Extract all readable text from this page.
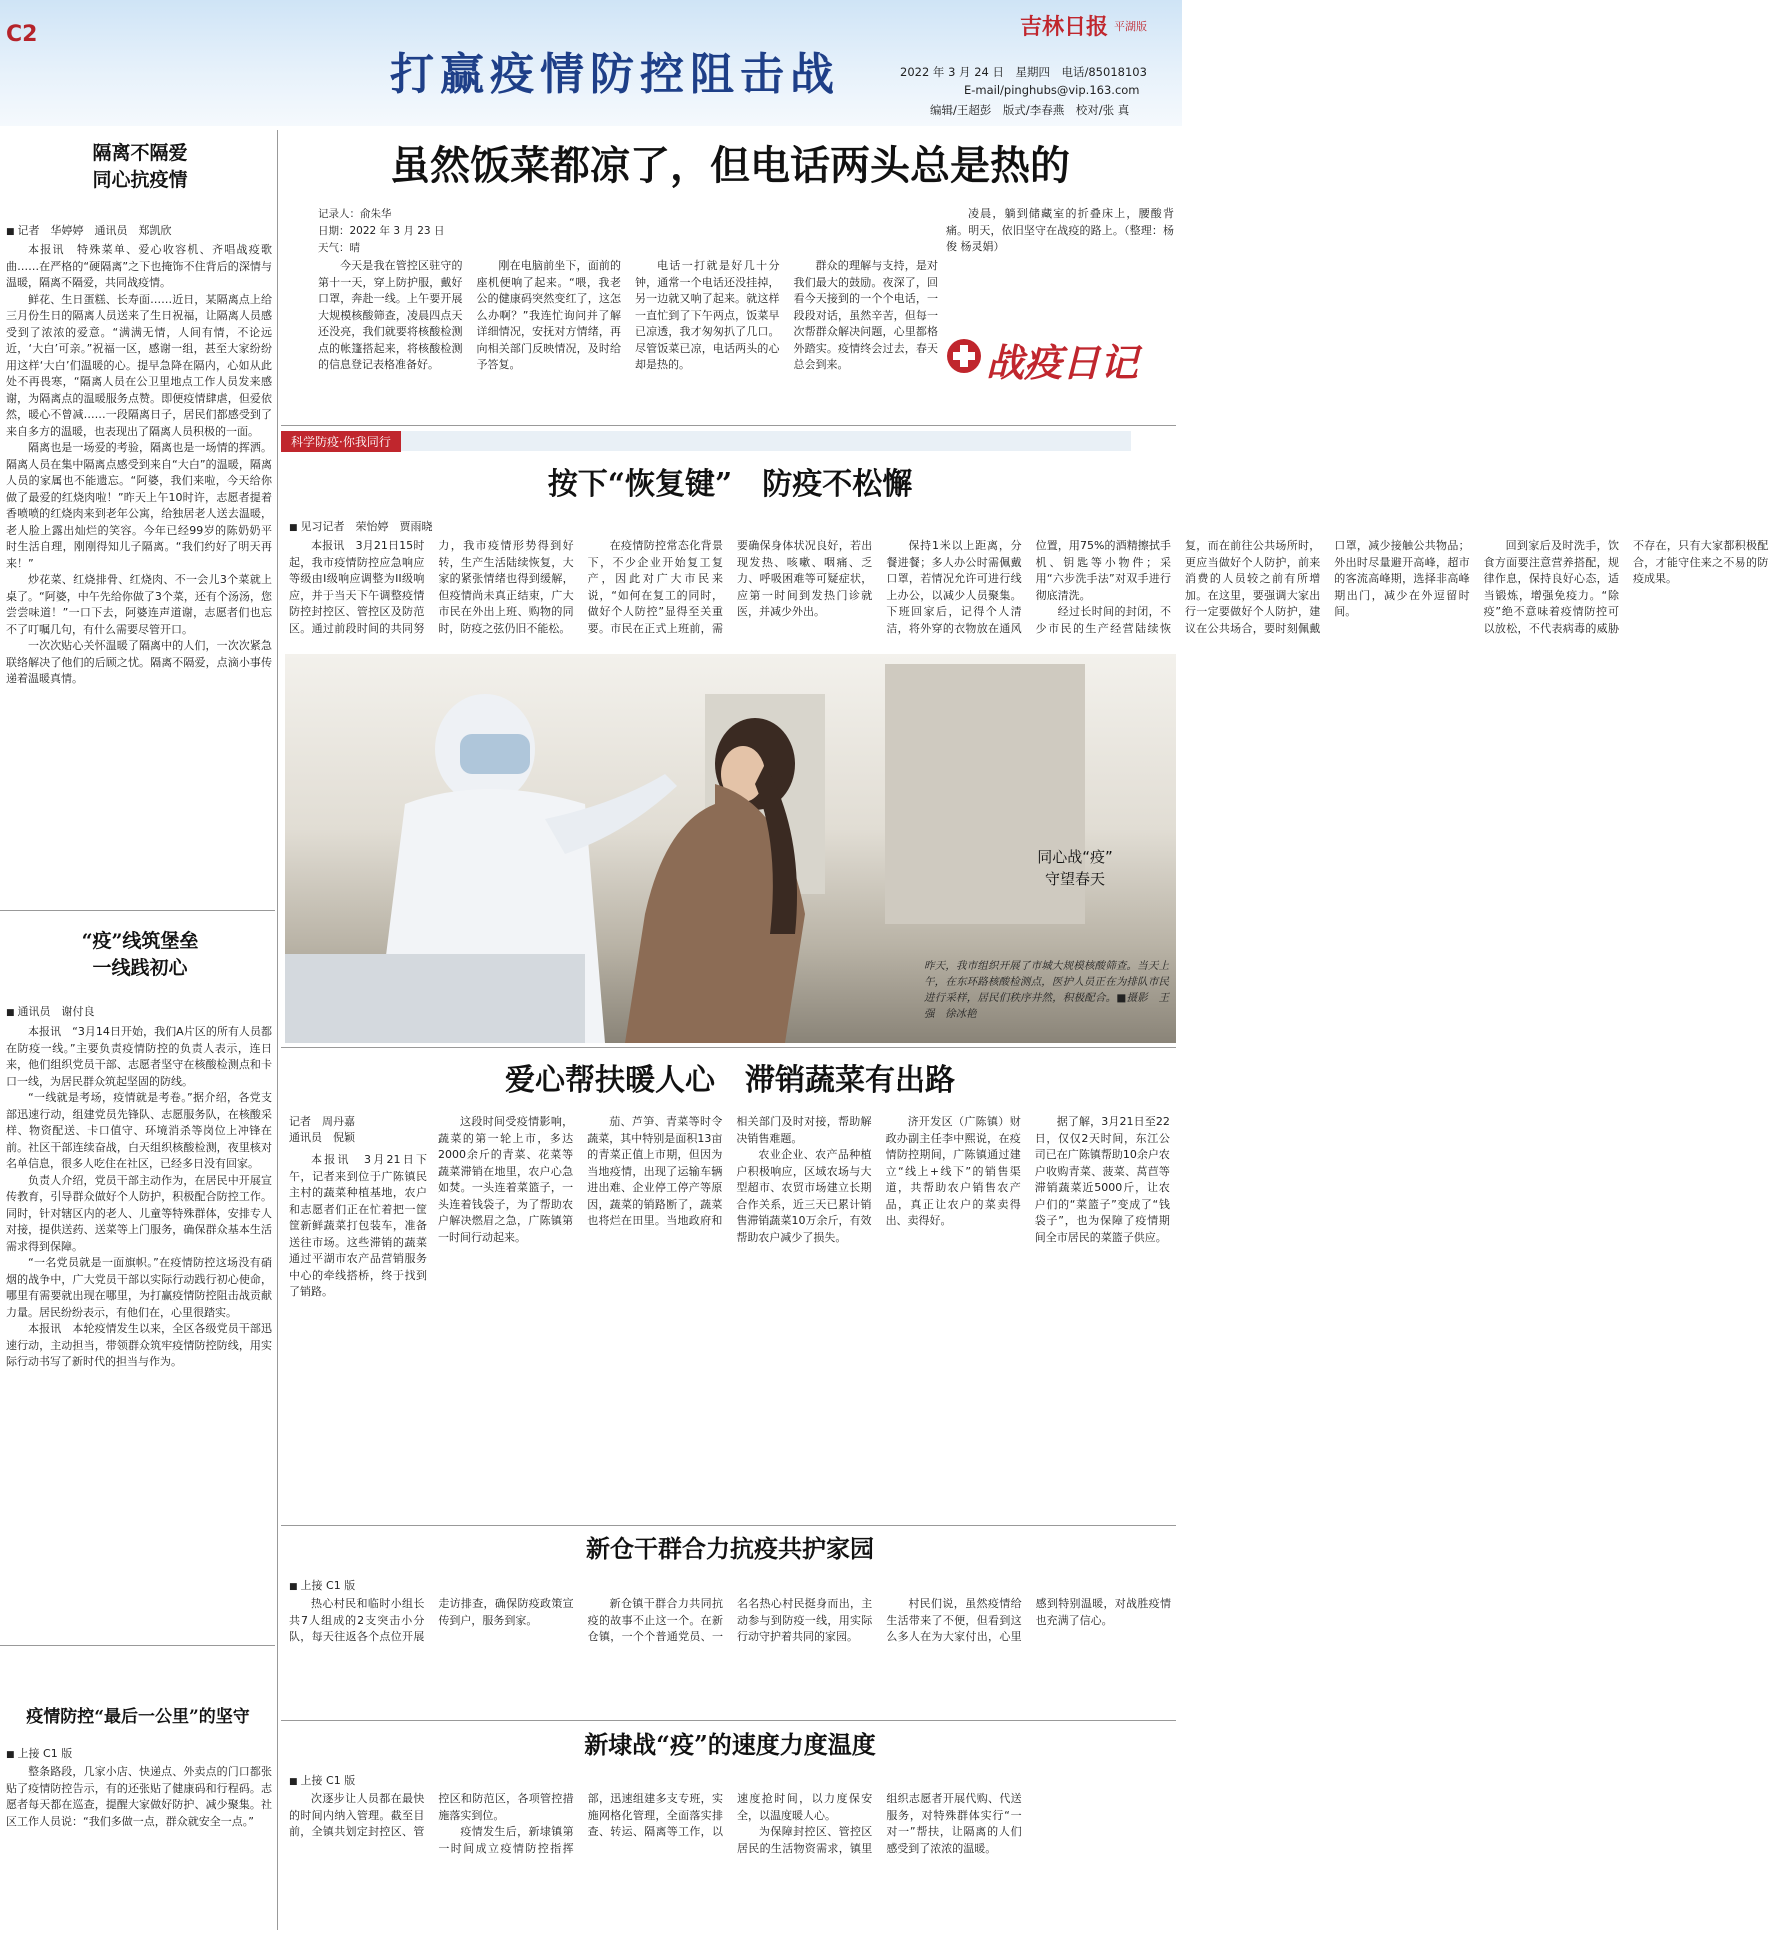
C2
打赢疫情防控阻击战
吉林日报 平湖版
2022 年 3 月 24 日　星期四　电话/85018103
E-mail/pinghubs@vip.163.com
编辑/王超彭　版式/李春燕　校对/张 真
隔离不隔爱
同心抗疫情
■ 记者　华婷婷　通讯员　郑凯欣

本报讯　特殊菜单、爱心收容机、齐唱战疫歌曲……在严格的“硬隔离”之下也掩饰不住背后的深情与温暖，隔离不隔爱，共同战疫情。

鲜花、生日蛋糕、长寿面……近日，某隔离点上给三月份生日的隔离人员送来了生日祝福，让隔离人员感受到了浓浓的爱意。“满满无情，人间有情，不论远近，‘大白’可亲。”祝福一区，感谢一组，甚至大家纷纷用这样‘大白’们温暖的心。提早急降在隔内，心如从此处不再畏寒，“隔离人员在公卫里地点工作人员发来感谢，为隔离点的温暖服务点赞。即便疫情肆虐，但爱依然，暖心不曾减……一段隔离日子，居民们都感受到了来自多方的温暖，也表现出了隔离人员积极的一面。

隔离也是一场爱的考验，隔离也是一场情的挥洒。隔离人员在集中隔离点感受到来自“大白”的温暖，隔离人员的家属也不能遗忘。“阿婆，我们来啦，今天给你做了最爱的红烧肉啦！”昨天上午10时许，志愿者提着香喷喷的红烧肉来到老年公寓，给独居老人送去温暖，老人脸上露出灿烂的笑容。今年已经99岁的陈奶奶平时生活自理，刚刚得知儿子隔离。“我们约好了明天再来！”

炒花菜、红烧排骨、红烧肉、不一会儿3个菜就上桌了。“阿婆，中午先给你做了3个菜，还有个汤汤，您尝尝味道！”一口下去，阿婆连声道谢，志愿者们也忘不了叮嘱几句，有什么需要尽管开口。

一次次贴心关怀温暖了隔离中的人们，一次次紧急联络解决了他们的后顾之忧。隔离不隔爱，点滴小事传递着温暖真情。

“疫”线筑堡垒
一线践初心
■ 通讯员　谢付良

本报讯　“3月14日开始，我们A片区的所有人员都在防疫一线。”主要负责疫情防控的负责人表示，连日来，他们组织党员干部、志愿者坚守在核酸检测点和卡口一线，为居民群众筑起坚固的防线。

“一线就是考场，疫情就是考卷。”据介绍，各党支部迅速行动，组建党员先锋队、志愿服务队，在核酸采样、物资配送、卡口值守、环境消杀等岗位上冲锋在前。社区干部连续奋战，白天组织核酸检测，夜里核对名单信息，很多人吃住在社区，已经多日没有回家。

负责人介绍，党员干部主动作为，在居民中开展宣传教育，引导群众做好个人防护，积极配合防控工作。同时，针对辖区内的老人、儿童等特殊群体，安排专人对接，提供送药、送菜等上门服务，确保群众基本生活需求得到保障。

“一名党员就是一面旗帜。”在疫情防控这场没有硝烟的战争中，广大党员干部以实际行动践行初心使命，哪里有需要就出现在哪里，为打赢疫情防控阻击战贡献力量。居民纷纷表示，有他们在，心里很踏实。

本报讯　本轮疫情发生以来，全区各级党员干部迅速行动，主动担当，带领群众筑牢疫情防控防线，用实际行动书写了新时代的担当与作为。

疫情防控“最后一公里”的坚守
■ 上接 C1 版

整条路段，几家小店、快递点、外卖点的门口都张贴了疫情防控告示，有的还张贴了健康码和行程码。志愿者每天都在巡查，提醒大家做好防护、减少聚集。社区工作人员说：“我们多做一点，群众就安全一点。”

虽然饭菜都凉了，但电话两头总是热的
记录人：俞朱华
日期：2022 年 3 月 23 日
天气：晴

今天是我在管控区驻守的第十一天，穿上防护服，戴好口罩，奔赴一线。上午要开展大规模核酸筛查，凌晨四点天还没亮，我们就要将核酸检测点的帐篷搭起来，将核酸检测的信息登记表格准备好。

刚在电脑前坐下，面前的座机便响了起来。“喂，我老公的健康码突然变红了，这怎么办啊？”我连忙询问并了解详细情况，安抚对方情绪，再向相关部门反映情况，及时给予答复。

电话一打就是好几十分钟，通常一个电话还没挂掉，另一边就又响了起来。就这样一直忙到了下午两点，饭菜早已凉透，我才匆匆扒了几口。尽管饭菜已凉，电话两头的心却是热的。

群众的理解与支持，是对我们最大的鼓励。夜深了，回看今天接到的一个个电话，一段段对话，虽然辛苦，但每一次帮群众解决问题，心里都格外踏实。疫情终会过去，春天总会到来。

凌晨，躺到储藏室的折叠床上，腰酸背痛。明天，依旧坚守在战疫的路上。（整理：杨俊 杨灵娟）

战疫日记
科学防疫·你我同行
按下“恢复键”　防疫不松懈
■ 见习记者　荣怡婷　贾雨晓

本报讯　3月21日15时起，我市疫情防控应急响应等级由I级响应调整为II级响应，并于当天下午调整疫情防控封控区、管控区及防范区。通过前段时间的共同努力，我市疫情形势得到好转，生产生活陆续恢复，大家的紧张情绪也得到缓解，但疫情尚未真正结束，广大市民在外出上班、购物的同时，防疫之弦仍旧不能松。

在疫情防控常态化背景下，不少企业开始复工复产，因此对广大市民来说，“如何在复工的同时，做好个人防控”显得至关重要。市民在正式上班前，需要确保身体状况良好，若出现发热、咳嗽、咽痛、乏力、呼吸困难等可疑症状，应第一时间到发热门诊就医，并减少外出。

保持1米以上距离，分餐进餐；多人办公时需佩戴口罩，若情况允许可进行线上办公，以减少人员聚集。下班回家后，记得个人清洁，将外穿的衣物放在通风位置，用75%的酒精擦拭手机、钥匙等小物件；采用“六步洗手法”对双手进行彻底清洗。

经过长时间的封闭，不少市民的生产经营陆续恢复，而在前往公共场所时，更应当做好个人防护，前来消费的人员较之前有所增加。在这里，要强调大家出行一定要做好个人防护，建议在公共场合，要时刻佩戴口罩，减少接触公共物品；外出时尽量避开高峰，超市的客流高峰期，选择非高峰期出门，减少在外逗留时间。

回到家后及时洗手，饮食方面要注意营养搭配，规律作息，保持良好心态，适当锻炼，增强免疫力。“除疫”绝不意味着疫情防控可以放松，不代表病毒的威胁不存在，只有大家都积极配合，才能守住来之不易的防疫成果。

同心战“疫”
守望春天
昨天，我市组织开展了市城大规模核酸筛查。当天上午，在东环路核酸检测点，医护人员正在为排队市民进行采样，居民们秩序井然，积极配合。■摄影　王强　徐冰艳
爱心帮扶暖人心　滞销蔬菜有出路
记者　周丹嘉
通讯员　倪颖

本报讯　3月21日下午，记者来到位于广陈镇民主村的蔬菜种植基地，农户和志愿者们正在忙着把一筐筐新鲜蔬菜打包装车，准备送往市场。这些滞销的蔬菜通过平湖市农产品营销服务中心的牵线搭桥，终于找到了销路。

这段时间受疫情影响，蔬菜的第一轮上市，多达2000余斤的青菜、花菜等蔬菜滞销在地里，农户心急如焚。一头连着菜篮子，一头连着钱袋子，为了帮助农户解决燃眉之急，广陈镇第一时间行动起来。

茄、芦笋、青菜等时令蔬菜，其中特别是面积13亩的青菜正值上市期，但因为当地疫情，出现了运输车辆进出难、企业停工停产等原因，蔬菜的销路断了，蔬菜也将烂在田里。当地政府和相关部门及时对接，帮助解决销售难题。

农业企业、农产品种植户积极响应，区域农场与大型超市、农贸市场建立长期合作关系，近三天已累计销售滞销蔬菜10万余斤，有效帮助农户减少了损失。

济开发区（广陈镇）财政办副主任李中熙说，在疫情防控期间，广陈镇通过建立“线上+线下”的销售渠道，共帮助农户销售农产品，真正让农户的菜卖得出、卖得好。

据了解，3月21日至22日，仅仅2天时间，东江公司已在广陈镇帮助10余户农户收购青菜、菠菜、莴苣等滞销蔬菜近5000斤，让农户们的“菜篮子”变成了“钱袋子”，也为保障了疫情期间全市居民的菜篮子供应。

新仓干群合力抗疫共护家园
■ 上接 C1 版

热心村民和临时小组长共7人组成的2支突击小分队，每天往返各个点位开展走访排查，确保防疫政策宣传到户，服务到家。

新仓镇干群合力共同抗疫的故事不止这一个。在新仓镇，一个个普通党员、一名名热心村民挺身而出，主动参与到防疫一线，用实际行动守护着共同的家园。

村民们说，虽然疫情给生活带来了不便，但看到这么多人在为大家付出，心里感到特别温暖，对战胜疫情也充满了信心。

新埭战“疫”的速度力度温度
■ 上接 C1 版

次逐步让人员都在最快的时间内纳入管理。截至目前，全镇共划定封控区、管控区和防范区，各项管控措施落实到位。

疫情发生后，新埭镇第一时间成立疫情防控指挥部，迅速组建多支专班，实施网格化管理，全面落实排查、转运、隔离等工作，以速度抢时间，以力度保安全，以温度暖人心。

为保障封控区、管控区居民的生活物资需求，镇里组织志愿者开展代购、代送服务，对特殊群体实行“一对一”帮扶，让隔离的人们感受到了浓浓的温暖。
